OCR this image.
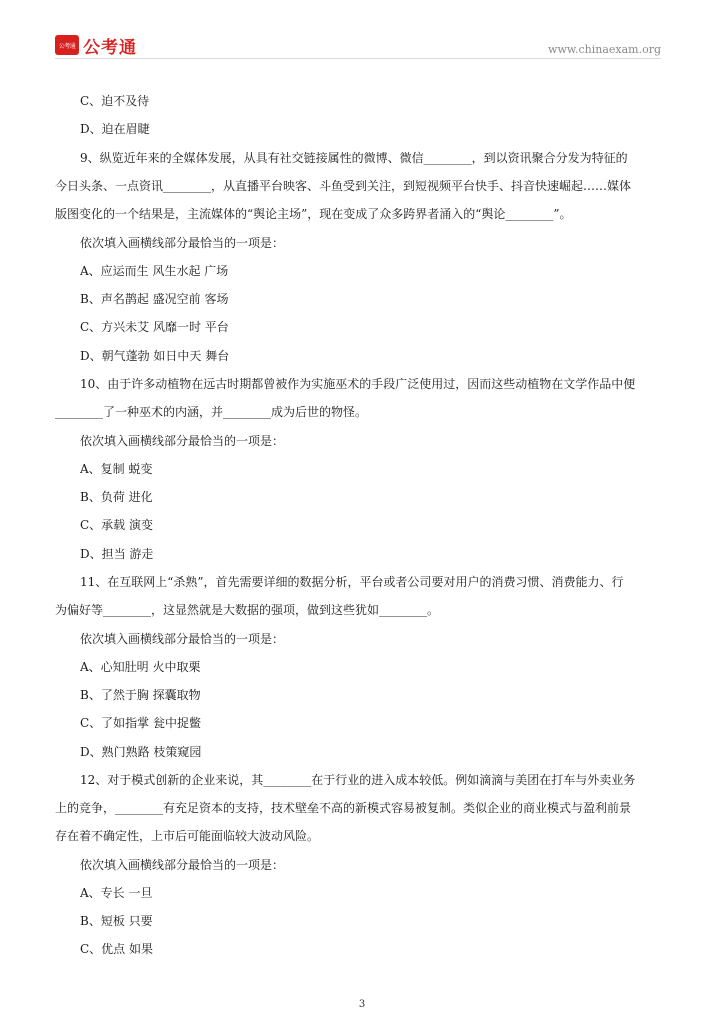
公考通 公考通	www.chinaexam.org
C、迫不及待
D、迫在眉睫
9、纵览近年来的全媒体发展，从具有社交链接属性的微博、微信________，到以资讯聚合分发为特征的
今日头条、一点资讯________，从直播平台映客、斗鱼受到关注，到短视频平台快手、抖音快速崛起……媒体
版图变化的一个结果是，主流媒体的“舆论主场”，现在变成了众多跨界者涌入的“舆论________”。
依次填入画横线部分最恰当的一项是：
A、应运而生 风生水起 广场
B、声名鹊起 盛况空前 客场
C、方兴未艾 风靡一时 平台
D、朝气蓬勃 如日中天 舞台
10、由于许多动植物在远古时期都曾被作为实施巫术的手段广泛使用过，因而这些动植物在文学作品中便
________了一种巫术的内涵，并________成为后世的物怪。
依次填入画横线部分最恰当的一项是：
A、复制 蜕变
B、负荷 进化
C、承载 演变
D、担当 游走
11、在互联网上“杀熟”，首先需要详细的数据分析，平台或者公司要对用户的消费习惯、消费能力、行
为偏好等________，这显然就是大数据的强项，做到这些犹如________。
依次填入画横线部分最恰当的一项是：
A、心知肚明 火中取栗
B、了然于胸 探囊取物
C、了如指掌 瓮中捉鳖
D、熟门熟路 枝策窥园
12、对于模式创新的企业来说，其________在于行业的进入成本较低。例如滴滴与美团在打车与外卖业务
上的竞争，________有充足资本的支持，技术壁垒不高的新模式容易被复制。类似企业的商业模式与盈利前景
存在着不确定性，上市后可能面临较大波动风险。
依次填入画横线部分最恰当的一项是：
A、专长 一旦
B、短板 只要
C、优点 如果
3
